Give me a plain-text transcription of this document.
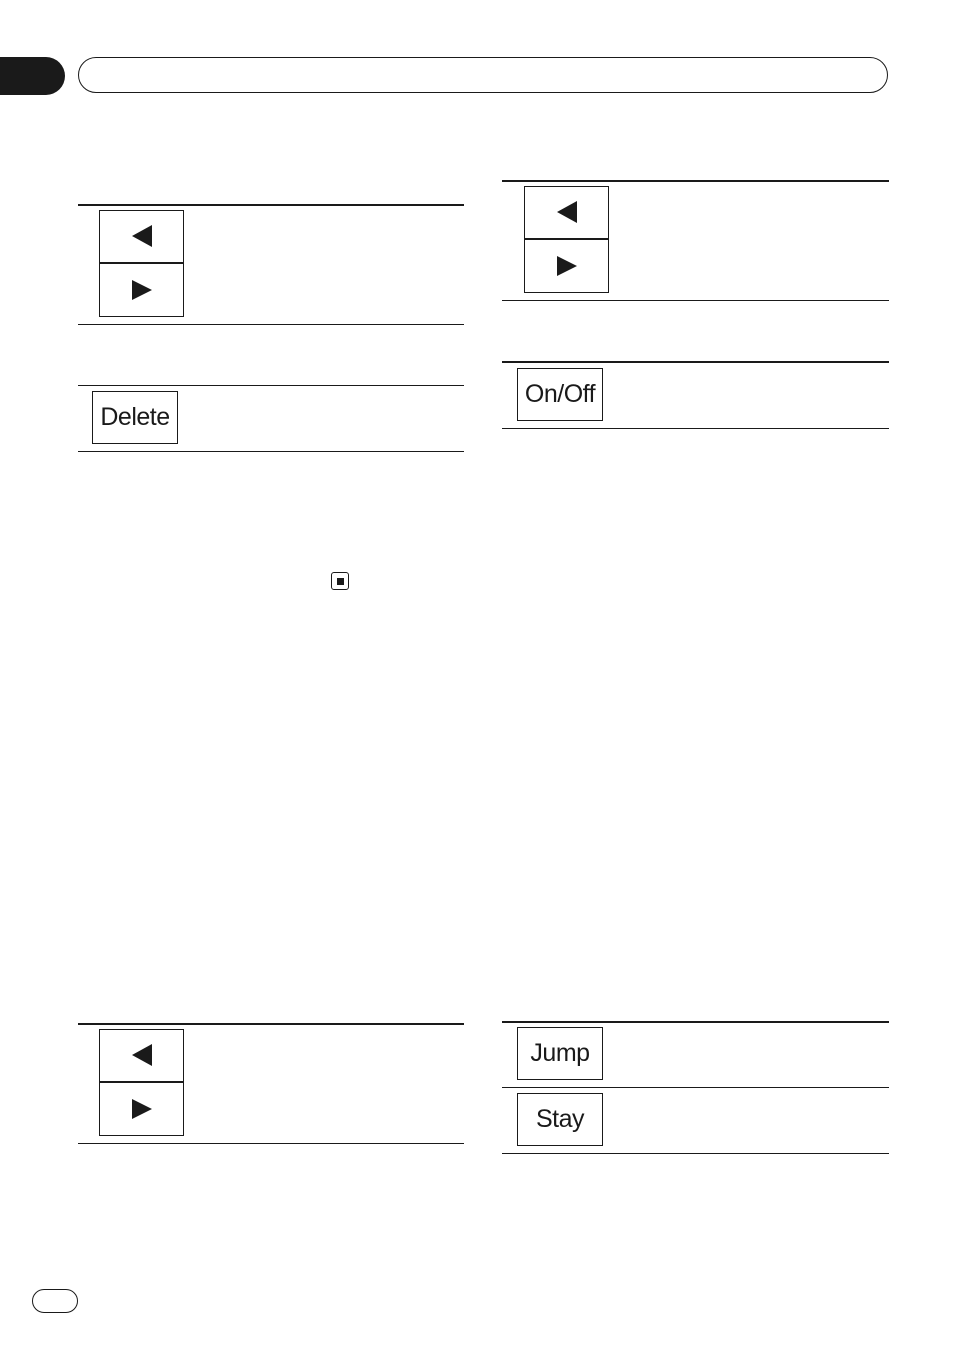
Delete
On/Off
Jump
Stay
